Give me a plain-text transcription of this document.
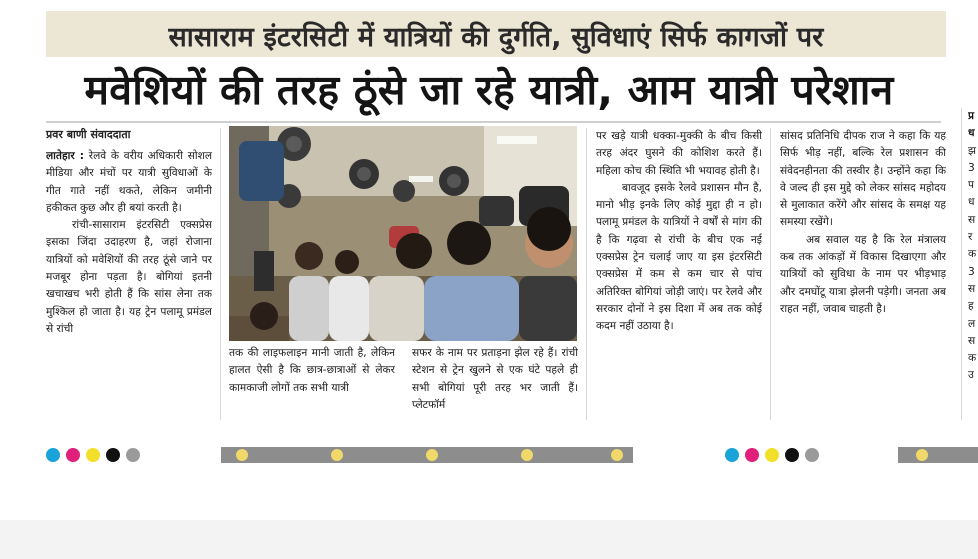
सासाराम इंटरसिटी में यात्रियों की दुर्गति, सुविधाएं सिर्फ कागजों पर
मवेशियों की तरह ठूंसे जा रहे यात्री, आम यात्री परेशान
प्रवर बाणी संवाददाता

लातेहार : रेलवे के वरीय अधिकारी सोशल मीडिया और मंचों पर यात्री सुविधाओं के गीत गाते नहीं थकते, लेकिन जमीनी हकीकत कुछ और ही बयां करती है।

रांची-सासाराम इंटरसिटी एक्सप्रेस इसका जिंदा उदाहरण है, जहां रोजाना यात्रियों को मवेशियों की तरह ठूंसे जाने पर मजबूर होना पड़ता है। बोगियां इतनी खचाखच भरी होती हैं कि सांस लेना तक मुश्किल हो जाता है। यह ट्रेन पलामू प्रमंडल से रांची

तक की लाइफलाइन मानी जाती है, लेकिन हालत ऐसी है कि छात्र-छात्राओं से लेकर कामकाजी लोगों तक सभी यात्री

सफर के नाम पर प्रताड़ना झेल रहे हैं। रांची स्टेशन से ट्रेन खुलने से एक घंटे पहले ही सभी बोगियां पूरी तरह भर जाती हैं। प्लेटफॉर्म

पर खड़े यात्री धक्का-मुक्की के बीच किसी तरह अंदर घुसने की कोशिश करते हैं। महिला कोच की स्थिति भी भयावह होती है।

बावजूद इसके रेलवे प्रशासन मौन है, मानो भीड़ इनके लिए कोई मुद्दा ही न हो। पलामू प्रमंडल के यात्रियों ने वर्षों से मांग की है कि गढ़वा से रांची के बीच एक नई एक्सप्रेस ट्रेन चलाई जाए या इस इंटरसिटी एक्सप्रेस में कम से कम चार से पांच अतिरिक्त बोगियां जोड़ी जाएं। पर रेलवे और सरकार दोनों ने इस दिशा में अब तक कोई कदम नहीं उठाया है।

सांसद प्रतिनिधि दीपक राज ने कहा कि यह सिर्फ भीड़ नहीं, बल्कि रेल प्रशासन की संवेदनहीनता की तस्वीर है। उन्होंने कहा कि वे जल्द ही इस मुद्दे को लेकर सांसद महोदय से मुलाकात करेंगे और सांसद के समक्ष यह समस्या रखेंगे।

अब सवाल यह है कि रेल मंत्रालय कब तक आंकड़ों में विकास दिखाएगा और यात्रियों को सुविधा के नाम पर भीड़भाड़ और दमघोंटू यात्रा झेलनी पड़ेगी। जनता अब राहत नहीं, जवाब चाहती है।

प्र
ध
झ
3
प
ध
स
र
क
3
स
ह
ल
स
क
उ
